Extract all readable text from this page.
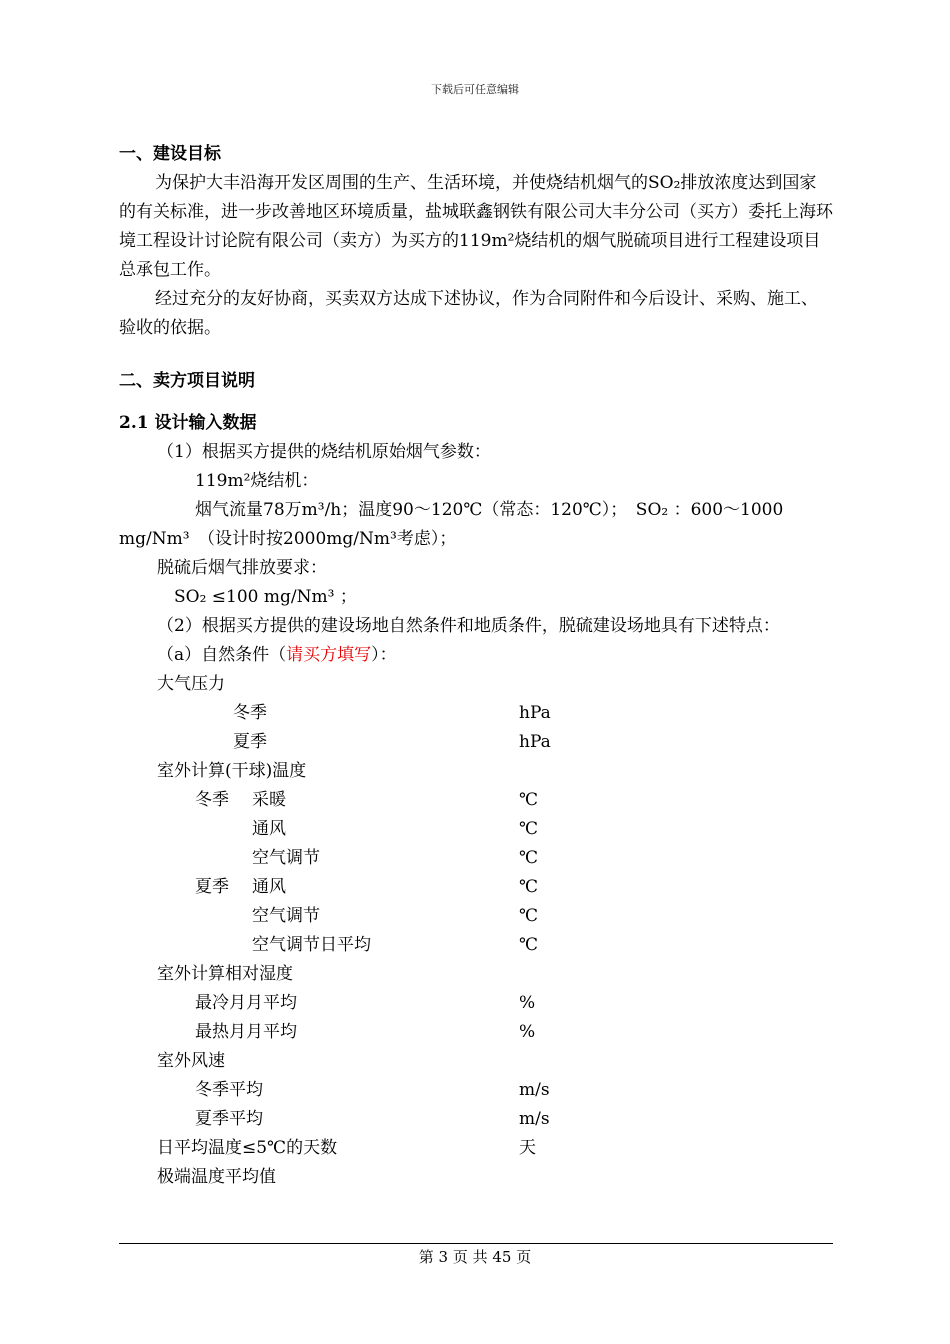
下载后可任意编辑

一、建设目标

为保护大丰沿海开发区周围的生产、生活环境，并使烧结机烟气的SO₂排放浓度达到国家的有关标准，进一步改善地区环境质量，盐城联鑫钢铁有限公司大丰分公司（买方）委托上海环境工程设计讨论院有限公司（卖方）为买方的119m²烧结机的烟气脱硫项目进行工程建设项目总承包工作。

经过充分的友好协商，买卖双方达成下述协议，作为合同附件和今后设计、采购、施工、验收的依据。

二、卖方项目说明

2.1 设计输入数据

（1）根据买方提供的烧结机原始烟气参数：

119m²烧结机：

烟气流量78万m³/h；温度90～120℃（常态：120℃）；　SO₂ ：600～1000 mg/Nm³　（设计时按2000mg/Nm³考虑）；

脱硫后烟气排放要求：

SO₂ ≤100 mg/Nm³ ；

（2）根据买方提供的建设场地自然条件和地质条件，脱硫建设场地具有下述特点：

（a）自然条件（请买方填写）：

大气压力
冬季	hPa
夏季	hPa
室外计算(干球)温度
冬季 采暖	℃
通风	℃
空气调节	℃
夏季 通风	℃
空气调节	℃
空气调节日平均	℃
室外计算相对湿度
最冷月月平均	%
最热月月平均	%
室外风速
冬季平均	m/s
夏季平均	m/s
日平均温度≤5℃的天数	天
极端温度平均值
第 3 页 共 45 页
